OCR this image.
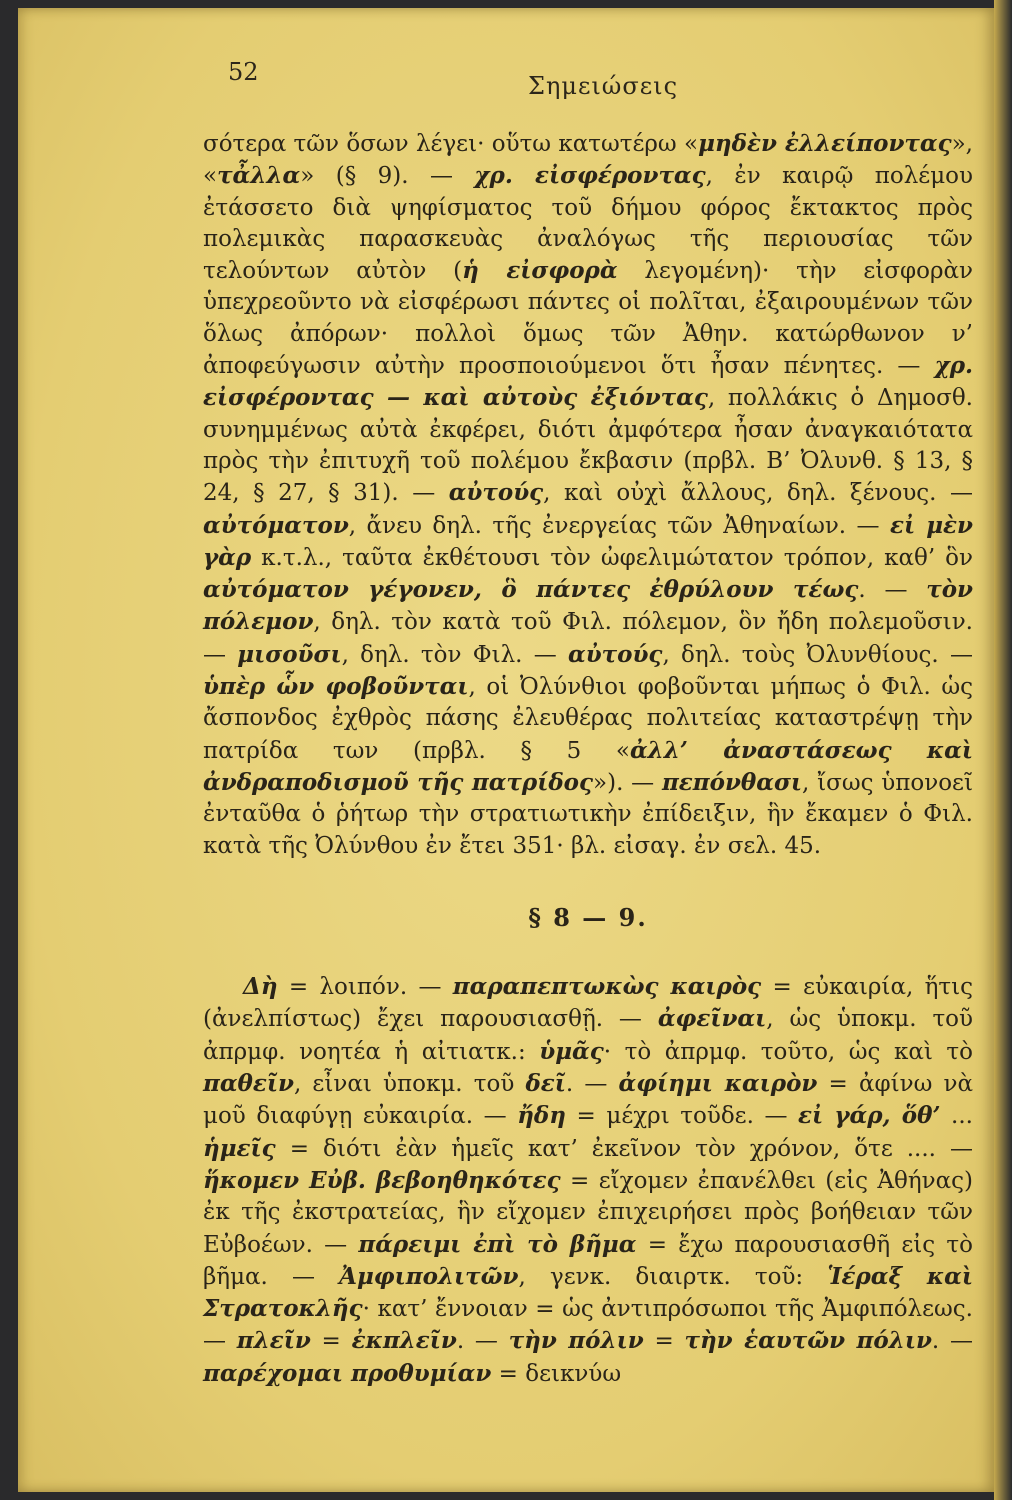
52	Σημειώσεις

σότερα τῶν ὅσων λέγει· οὕτω κατωτέρω «μηδὲν ἐλλείποντας», «τἆλλα» (§ 9). — χρ. εἰσφέροντας, ἐν καιρῷ πολέμου ἐτάσσετο διὰ ψηφίσματος τοῦ δήμου φόρος ἔκτακτος πρὸς πολεμικὰς παρασκευὰς ἀναλόγως τῆς περιουσίας τῶν τελούντων αὐτὸν (ἡ εἰσφορὰ λεγομένη)· τὴν εἰσφορὰν ὑπεχρεοῦντο νὰ εἰσφέρωσι πάντες οἱ πολῖται, ἐξαιρουμένων τῶν ὅλως ἀπόρων· πολλοὶ ὅμως τῶν Ἀθην. κατώρθωνον ν’ ἀποφεύγωσιν αὐτὴν προσποιούμενοι ὅτι ἦσαν πένητες. — χρ. εἰσφέροντας — καὶ αὐτοὺς ἐξιόντας, πολλάκις ὁ Δημοσθ. συνημμένως αὐτὰ ἐκφέρει, διότι ἀμφότερα ἦσαν ἀναγκαιότατα πρὸς τὴν ἐπιτυχῆ τοῦ πολέμου ἔκβασιν (πρβλ. Β’ Ὀλυνθ. § 13, § 24, § 27, § 31). — αὐτούς, καὶ οὐχὶ ἄλλους, δηλ. ξένους. — αὐτόματον, ἄνευ δηλ. τῆς ἐνεργείας τῶν Ἀθηναίων. — εἰ μὲν γὰρ κ.τ.λ., ταῦτα ἐκθέτουσι τὸν ὠφελιμώτατον τρόπον, καθ’ ὃν αὐτόματον γέγονεν, ὃ πάντες ἐθρύλουν τέως. — τὸν πόλεμον, δηλ. τὸν κατὰ τοῦ Φιλ. πόλεμον, ὃν ἤδη πολεμοῦσιν. — μισοῦσι, δηλ. τὸν Φιλ. — αὐτούς, δηλ. τοὺς Ὀλυνθίους. — ὑπὲρ ὧν φοβοῦνται, οἱ Ὀλύνθιοι φοβοῦνται μήπως ὁ Φιλ. ὡς ἄσπονδος ἐχθρὸς πάσης ἐλευθέρας πολιτείας καταστρέψῃ τὴν πατρίδα των (πρβλ. § 5 «ἀλλ’ ἀναστάσεως καὶ ἀνδραποδισμοῦ τῆς πατρίδος»). — πεπόνθασι, ἴσως ὑπονοεῖ ἐνταῦθα ὁ ῥήτωρ τὴν στρατιωτικὴν ἐπίδειξιν, ἣν ἔκαμεν ὁ Φιλ. κατὰ τῆς Ὀλύνθου ἐν ἔτει 351· βλ. εἰσαγ. ἐν σελ. 45.

§ 8 — 9.

Δὴ = λοιπόν. — παραπεπτωκὼς καιρὸς = εὐκαιρία, ἥτις (ἀνελπίστως) ἔχει παρουσιασθῇ. — ἀφεῖναι, ὡς ὑποκμ. τοῦ ἀπρμφ. νοητέα ἡ αἰτιατκ.: ὑμᾶς· τὸ ἀπρμφ. τοῦτο, ὡς καὶ τὸ παθεῖν, εἶναι ὑποκμ. τοῦ δεῖ. — ἀφίημι καιρὸν = ἀφίνω νὰ μοῦ διαφύγῃ εὐκαιρία. — ἤδη = μέχρι τοῦδε. — εἰ γάρ, ὅθ’ ... ἡμεῖς = διότι ἐὰν ἡμεῖς κατ’ ἐκεῖνον τὸν χρόνον, ὅτε .... — ἥκομεν Εὐβ. βεβοηθηκότες = εἴχομεν ἐπανέλθει (εἰς Ἀθήνας) ἐκ τῆς ἐκστρατείας, ἣν εἴχομεν ἐπιχειρήσει πρὸς βοήθειαν τῶν Εὐβοέων. — πάρειμι ἐπὶ τὸ βῆμα = ἔχω παρουσιασθῆ εἰς τὸ βῆμα. — Ἀμφιπολιτῶν, γενκ. διαιρτκ. τοῦ: Ἱέραξ καὶ Στρατοκλῆς· κατ’ ἔννοιαν = ὡς ἀντιπρόσωποι τῆς Ἀμφιπόλεως. — πλεῖν = ἐκπλεῖν. — τὴν πόλιν = τὴν ἑαυτῶν πόλιν. — παρέχομαι προθυμίαν = δεικνύω
